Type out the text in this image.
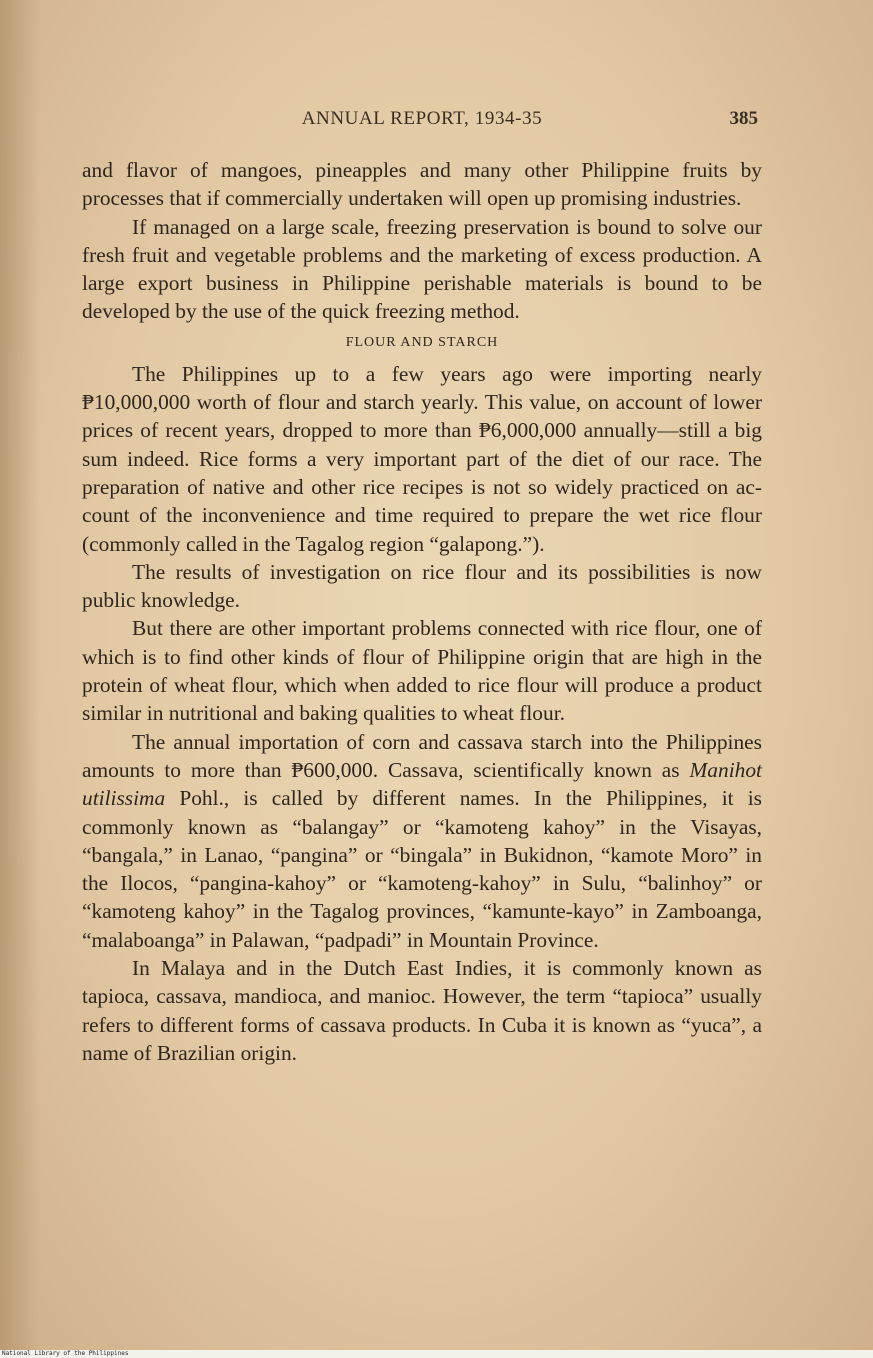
ANNUAL REPORT, 1934-35	385

and flavor of mangoes, pineapples and many other Philippine fruits by processes that if commercially undertaken will open up promising industries.

If managed on a large scale, freezing preservation is bound to solve our fresh fruit and vegetable problems and the marketing of excess production. A large export business in Philippine perishable materials is bound to be developed by the use of the quick freezing method.

FLOUR AND STARCH

The Philippines up to a few years ago were importing nearly ₱10,000,000 worth of flour and starch yearly. This value, on account of lower prices of recent years, dropped to more than ₱6,000,000 annually—still a big sum indeed. Rice forms a very important part of the diet of our race. The preparation of native and other rice recipes is not so widely practiced on account of the inconvenience and time required to prepare the wet rice flour (commonly called in the Tagalog region “galapong.”).

The results of investigation on rice flour and its possibilities is now public knowledge.

But there are other important problems connected with rice flour, one of which is to find other kinds of flour of Philippine origin that are high in the protein of wheat flour, which when added to rice flour will produce a product similar in nutritional and baking qualities to wheat flour.

The annual importation of corn and cassava starch into the Philippines amounts to more than ₱600,000. Cassava, scientifically known as Manihot utilissima Pohl., is called by different names. In the Philippines, it is commonly known as “balangay” or “kamoteng kahoy” in the Visayas, “bangala,” in Lanao, “pangina” or “bingala” in Bukidnon, “kamote Moro” in the Ilocos, “pangina-kahoy” or “kamoteng-kahoy” in Sulu, “balinhoy” or “kamoteng kahoy” in the Tagalog provinces, “kamunte-kayo” in Zamboanga, “malaboanga” in Palawan, “padpadi” in Mountain Province.

In Malaya and in the Dutch East Indies, it is commonly known as tapioca, cassava, mandioca, and manioc. However, the term “tapioca” usually refers to different forms of cassava products. In Cuba it is known as “yuca”, a name of Brazilian origin.

National Library of the Philippines
